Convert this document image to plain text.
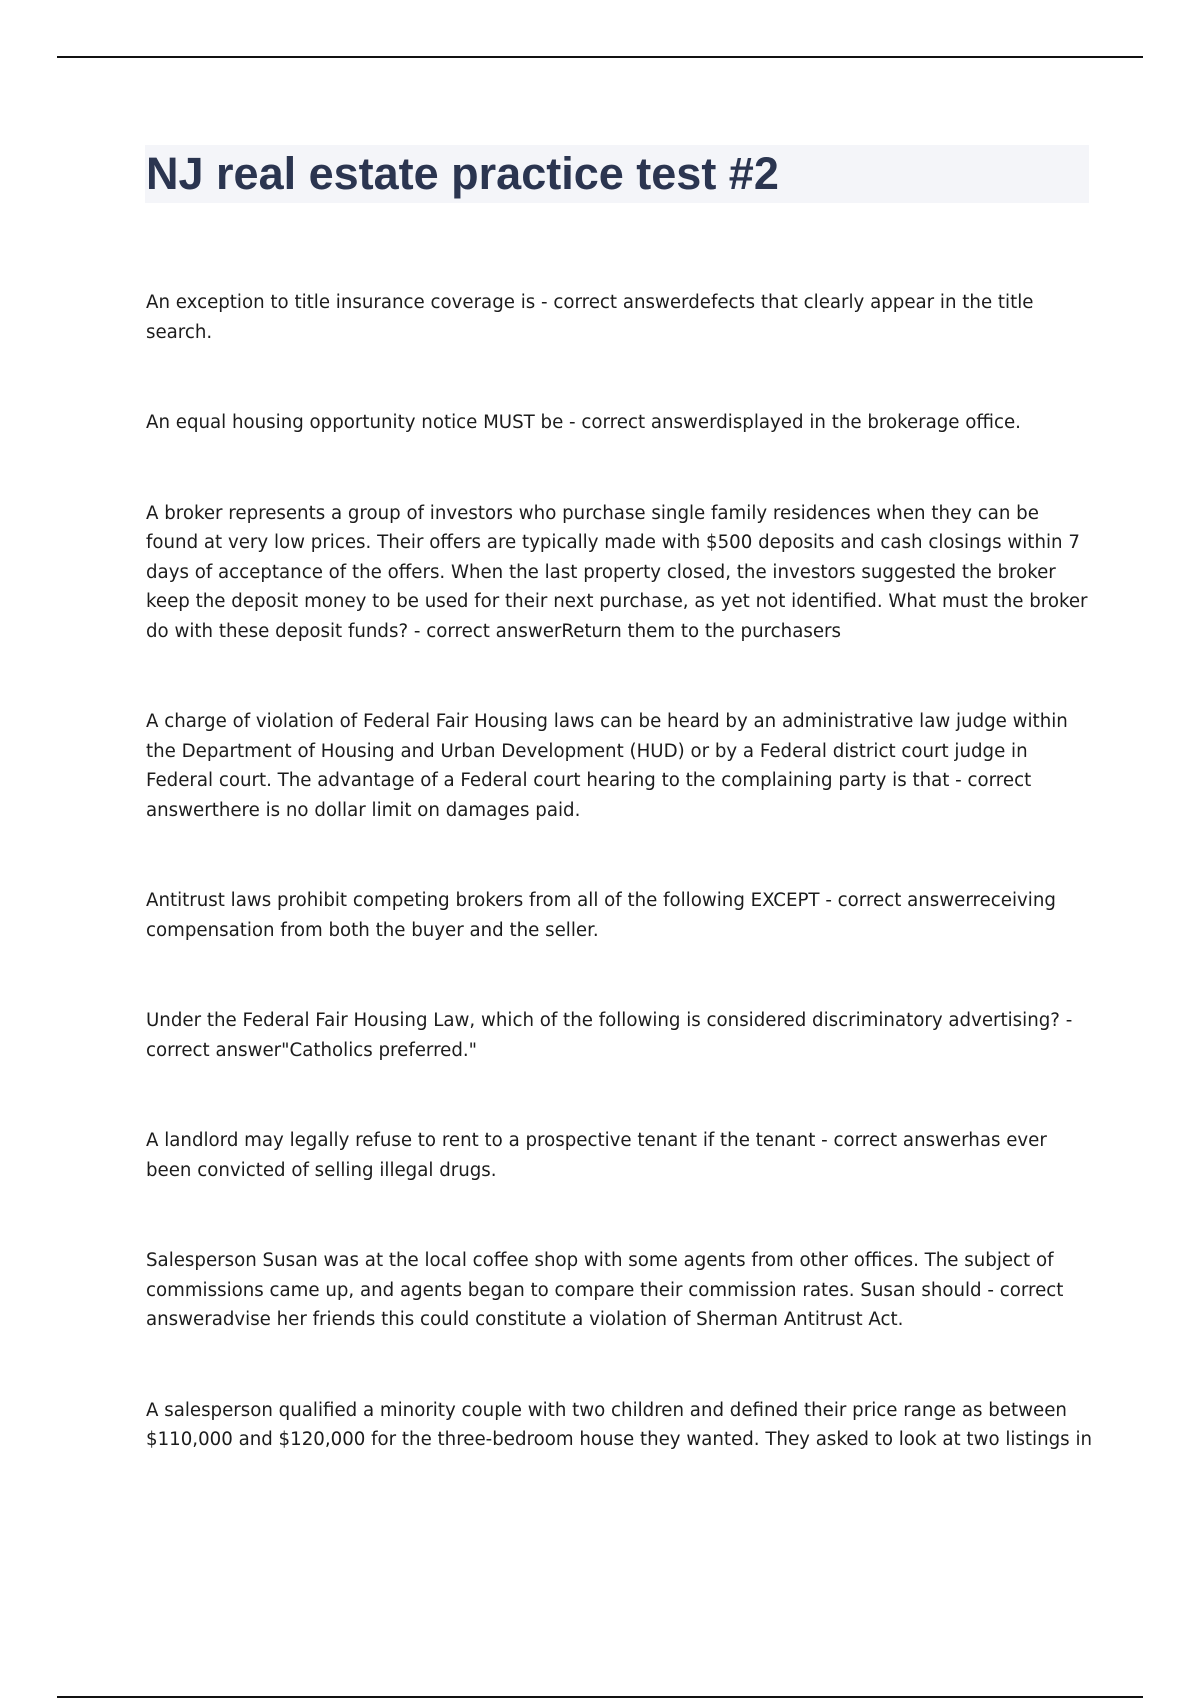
NJ real estate practice test #2

An exception to title insurance coverage is - correct answerdefects that clearly appear in the title search.

An equal housing opportunity notice MUST be - correct answerdisplayed in the brokerage office.

A broker represents a group of investors who purchase single family residences when they can be found at very low prices. Their offers are typically made with $500 deposits and cash closings within 7 days of acceptance of the offers. When the last property closed, the investors suggested the broker keep the deposit money to be used for their next purchase, as yet not identified. What must the broker do with these deposit funds? - correct answerReturn them to the purchasers

A charge of violation of Federal Fair Housing laws can be heard by an administrative law judge within the Department of Housing and Urban Development (HUD) or by a Federal district court judge in Federal court. The advantage of a Federal court hearing to the complaining party is that - correct answerthere is no dollar limit on damages paid.

Antitrust laws prohibit competing brokers from all of the following EXCEPT - correct answerreceiving compensation from both the buyer and the seller.

Under the Federal Fair Housing Law, which of the following is considered discriminatory advertising? - correct answer"Catholics preferred."

A landlord may legally refuse to rent to a prospective tenant if the tenant - correct answerhas ever been convicted of selling illegal drugs.

Salesperson Susan was at the local coffee shop with some agents from other offices. The subject of commissions came up, and agents began to compare their commission rates. Susan should - correct answeradvise her friends this could constitute a violation of Sherman Antitrust Act.

A salesperson qualified a minority couple with two children and defined their price range as between $110,000 and $120,000 for the three-bedroom house they wanted. They asked to look at two listings in
